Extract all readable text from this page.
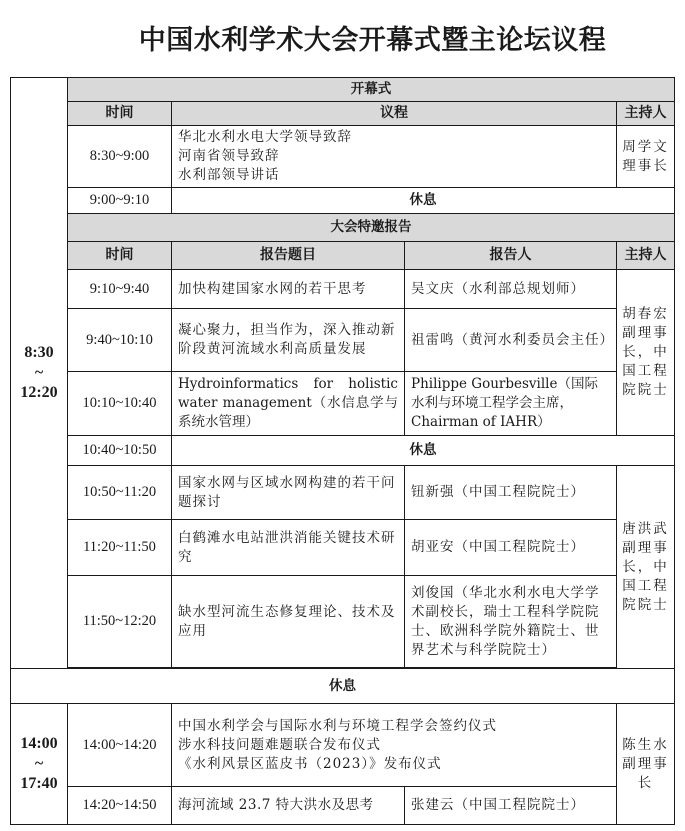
中国水利学术大会开幕式暨主论坛议程
8:30
~
12:20	开幕式			
	时间	议程		主持人
	8:30~9:00	华北水利水电大学领导致辞
河南省领导致辞
水利部领导讲话		周学文理事长
	9:00~9:10	休息		
	大会特邀报告			
	时间	报告题目	报告人	主持人
	9:10~9:40	加快构建国家水网的若干思考	吴文庆（水利部总规划师）	胡春宏副理事长，中国工程院院士
	9:40~10:10	凝心聚力，担当作为，深入推动新阶段黄河流域水利高质量发展	祖雷鸣（黄河水利委员会主任）	
	10:10~10:40	Hydroinformatics for holistic water management（水信息学与系统水管理）	Philippe Gourbesville（国际水利与环境工程学会主席，Chairman of IAHR）	
	10:40~10:50	休息		
	10:50~11:20	国家水网与区域水网构建的若干问题探讨	钮新强（中国工程院院士）	唐洪武副理事长，中国工程院院士
	11:20~11:50	白鹤滩水电站泄洪消能关键技术研究	胡亚安（中国工程院院士）	
	11:50~12:20	缺水型河流生态修复理论、技术及应用	刘俊国（华北水利水电大学学术副校长，瑞士工程科学院院士、欧洲科学院外籍院士、世界艺术与科学院院士）	

休息				

14:00
~
17:40	14:00~14:20	中国水利学会与国际水利与环境工程学会签约仪式
涉水科技问题难题联合发布仪式
《水利风景区蓝皮书（2023）》发布仪式		陈生水副理事长
	14:20~14:50	海河流域 23.7 特大洪水及思考	张建云（中国工程院院士）	
